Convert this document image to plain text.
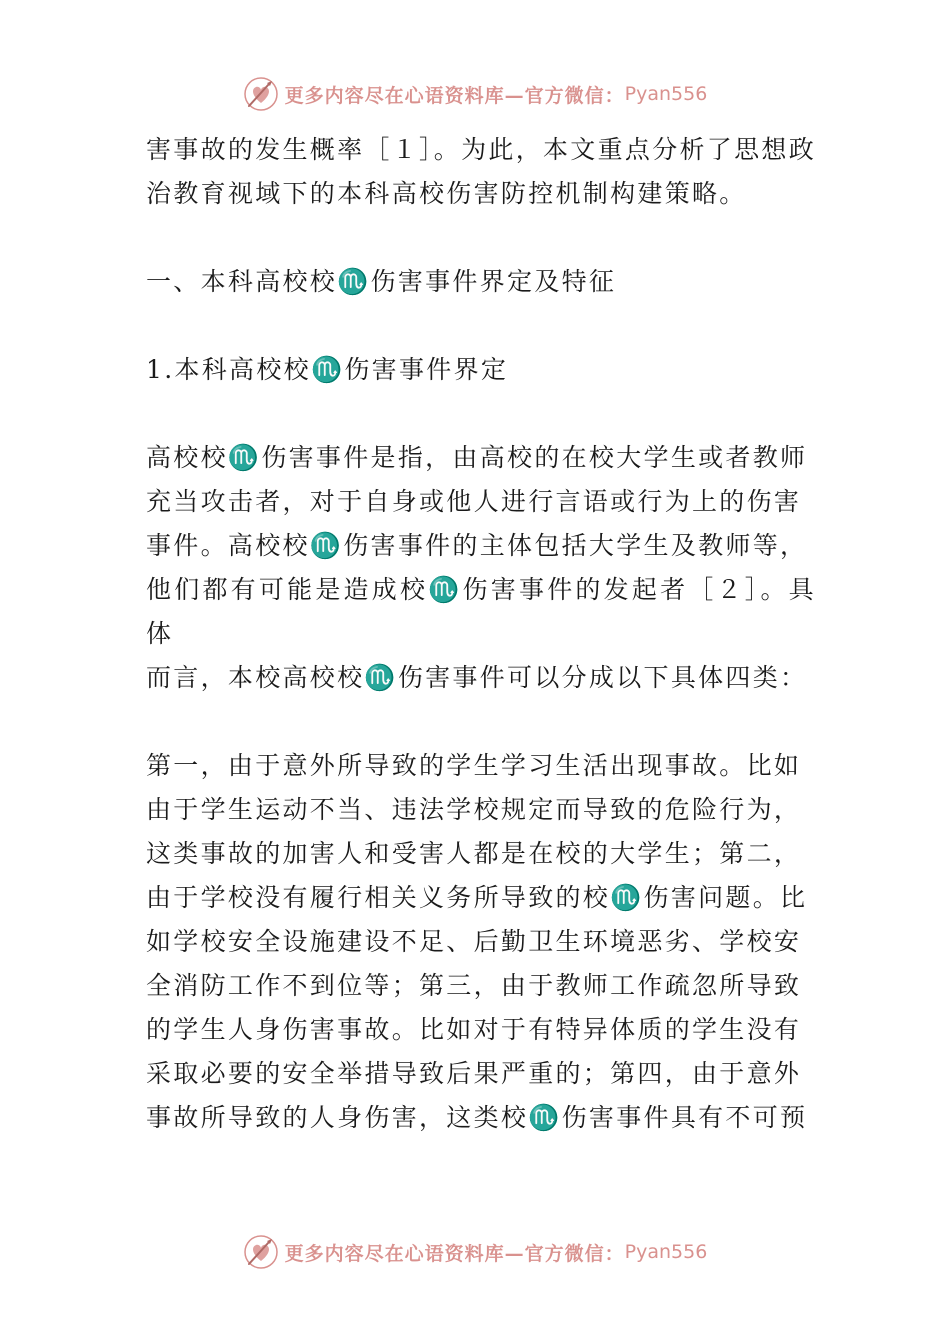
更多内容尽在心语资料库—官方微信： Pyan556

害事故的发生概率［１］。为此，本文重点分析了思想政

治教育视域下的本科高校伤害防控机制构建策略。

一、本科高校校♏伤害事件界定及特征

1.本科高校校♏伤害事件界定

高校校♏伤害事件是指，由高校的在校大学生或者教师

充当攻击者，对于自身或他人进行言语或行为上的伤害

事件。高校校♏伤害事件的主体包括大学生及教师等，

他们都有可能是造成校♏伤害事件的发起者［２］。具体

而言，本校高校校♏伤害事件可以分成以下具体四类：

第一，由于意外所导致的学生学习生活出现事故。比如

由于学生运动不当、违法学校规定而导致的危险行为，

这类事故的加害人和受害人都是在校的大学生；第二，

由于学校没有履行相关义务所导致的校♏伤害问题。比

如学校安全设施建设不足、后勤卫生环境恶劣、学校安

全消防工作不到位等；第三，由于教师工作疏忽所导致

的学生人身伤害事故。比如对于有特异体质的学生没有

采取必要的安全举措导致后果严重的；第四，由于意外

事故所导致的人身伤害，这类校♏伤害事件具有不可预

更多内容尽在心语资料库—官方微信： Pyan556
